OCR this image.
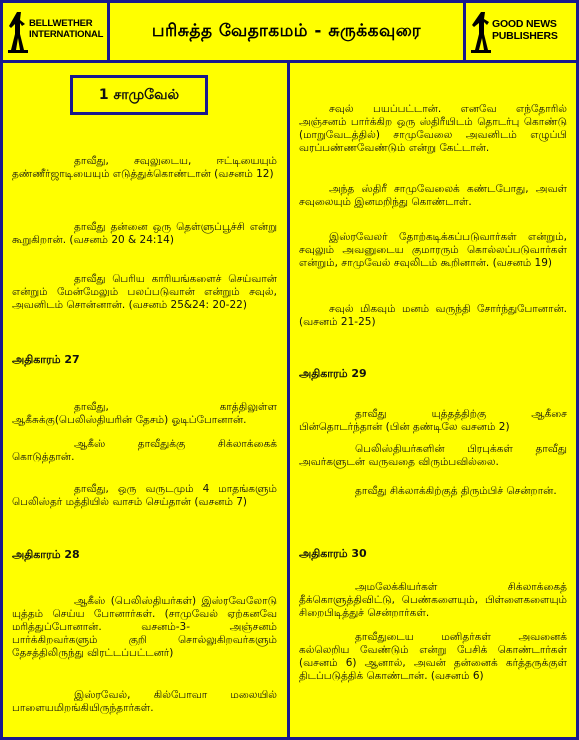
BELLWETHER INTERNATIONAL	பரிசுத்த வேதாகமம் - சுருக்கவுரை	GOOD NEWS PUBLISHERS
1 சாமுவேல்
தாவீது, சவுலுடைய, ஈட்டியையும் தண்ணீர்ஜாடியையும் எடுத்துக்கொண்டான் (வசனம் 12)
தாவீது தன்னை ஒரு தெள்ளுப்பூச்சி என்று கூறுகிறான். (வசனம் 20 & 24:14)
தாவீது பெரிய காரியங்களைச் செய்வான் என்றும் மேன்மேலும் பலப்படுவான் என்றும் சவுல், அவனிடம் சொன்னான். (வசனம் 25&24: 20-22)
அதிகாரம் 27
தாவீது, காத்திலுள்ள ஆகீசுக்கு(பெலிஸ்தியரின் தேசம்) ஓடிப்போனான்.
ஆகீஸ் தாவீதுக்கு சிக்லாக்கைக் கொடுத்தான்.
தாவீது, ஒரு வருடமும் 4 மாதங்களும் பெலிஸ்தர் மத்தியில் வாசம் செய்தான் (வசனம் 7)
அதிகாரம் 28
ஆகீஸ் (பெலிஸ்தியர்கள்) இஸ்ரவேலோடு யுத்தம் செய்ய போனார்கள். (சாமுவேல் ஏற்கனவே மரித்துப்போனான். வசனம்-3- அஞ்சனம் பார்க்கிறவர்களும் குறி சொல்லுகிறவர்களும் தேசத்திலிருந்து விரட்டப்பட்டனர்)
இஸ்ரவேல், கில்போவா மலையில் பாளையமிறங்கியிருந்தார்கள்.
சவுல் பயப்பட்டான். எனவே எந்தோரில் அஞ்சனம் பார்க்கிற ஒரு ஸ்திரீயிடம் தொடர்பு கொண்டு (மாறுவேடத்தில்) சாமுவேலை அவனிடம் எழுப்பி வரப்பண்ணவேண்டும் என்று கேட்டான்.
அந்த ஸ்திரீ சாமுவேலைக் கண்டபோது, அவள் சவுலையும் இனமறிந்து கொண்டாள்.
இஸ்ரவேலர் தோற்கடிக்கப்படுவார்கள் என்றும், சவுலும் அவனுடைய குமாரரும் கொல்லப்படுவார்கள் என்றும், சாமுவேல் சவுலிடம் கூறினான். (வசனம் 19)
சவுல் மிகவும் மனம் வருந்தி சோர்ந்துபோனான். (வசனம் 21-25)
அதிகாரம் 29
தாவீது யுத்தத்திற்கு ஆகீசை பின்தொடர்ந்தான் (பின் தண்டிலே வசனம் 2)
பெலிஸ்தியர்களின் பிரபுக்கள் தாவீது அவர்களுடன் வருவதை விரும்பவில்லை.
தாவீது சிக்லாக்கிற்குத் திரும்பிச் சென்றான்.
அதிகாரம் 30
அமலேக்கியர்கள் சிக்லாக்கைத் தீக்கொளுத்திவிட்டு, பெண்களையும், பிள்ளைகளையும் சிறைபிடித்துச் சென்றார்கள்.
தாவீதுடைய மனிதர்கள் அவனைக் கல்லெறிய வேண்டும் என்று பேசிக் கொண்டார்கள் (வசனம் 6) ஆனால், அவன் தன்னைக் கர்த்தருக்குள் திடப்படுத்திக் கொண்டான். (வசனம் 6)
